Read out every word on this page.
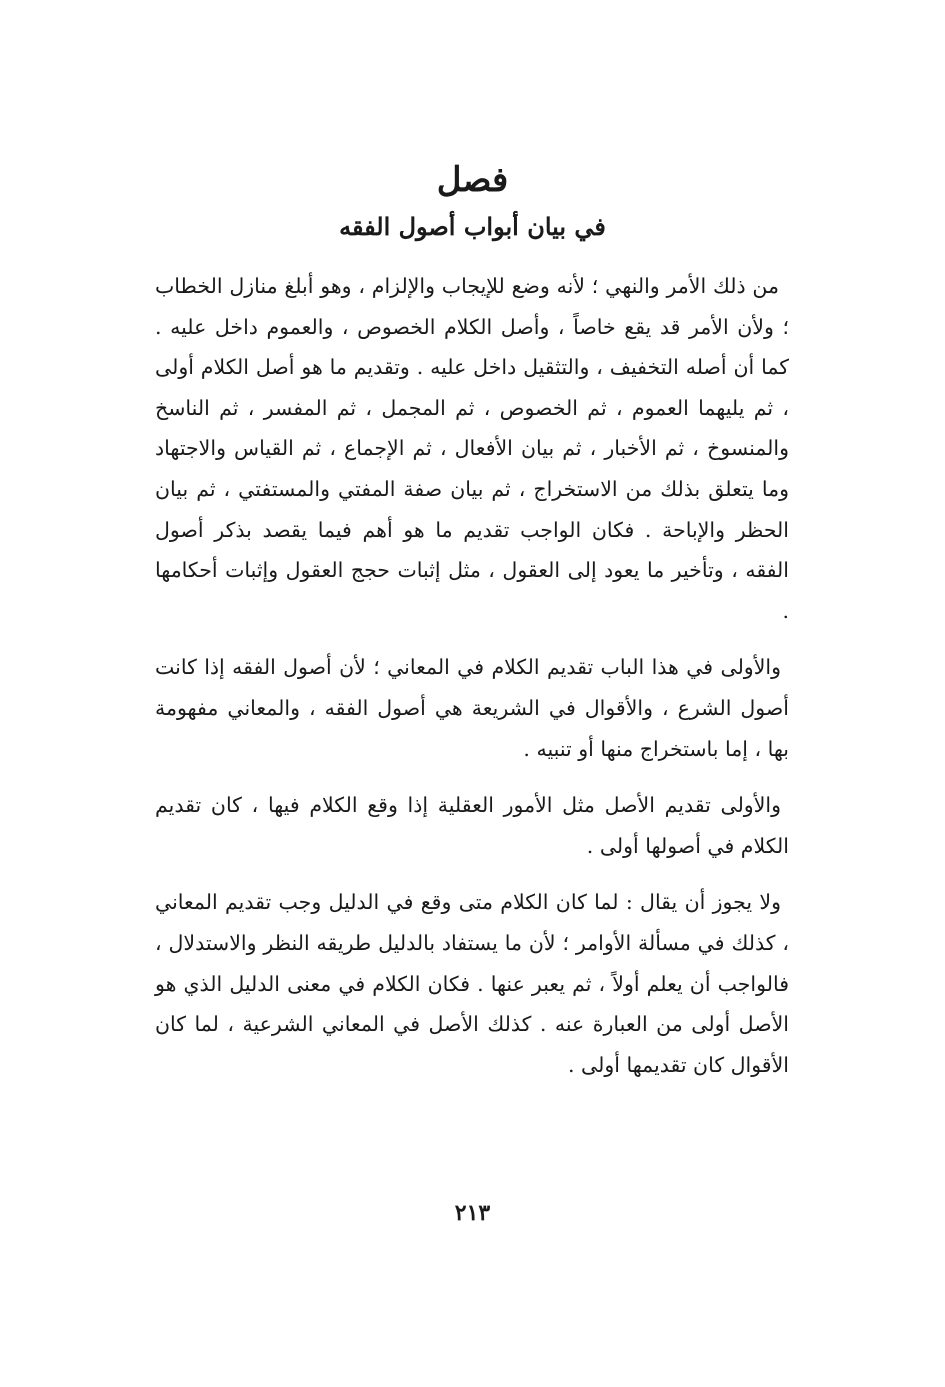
فصل
في بيان أبواب أصول الفقه

من ذلك الأمر والنهي ؛ لأنه وضع للإيجاب والإلزام ، وهو أبلغ منازل الخطاب ؛ ولأن الأمر قد يقع خاصاً ، وأصل الكلام الخصوص ، والعموم داخل عليه . كما أن أصله التخفيف ، والتثقيل داخل عليه . وتقديم ما هو أصل الكلام أولى ، ثم يليهما العموم ، ثم الخصوص ، ثم المجمل ، ثم المفسر ، ثم الناسخ والمنسوخ ، ثم الأخبار ، ثم بيان الأفعال ، ثم الإجماع ، ثم القياس والاجتهاد وما يتعلق بذلك من الاستخراج ، ثم بيان صفة المفتي والمستفتي ، ثم بيان الحظر والإباحة . فكان الواجب تقديم ما هو أهم فيما يقصد بذكر أصول الفقه ، وتأخير ما يعود إلى العقول ، مثل إثبات حجج العقول وإثبات أحكامها .

والأولى في هذا الباب تقديم الكلام في المعاني ؛ لأن أصول الفقه إذا كانت أصول الشرع ، والأقوال في الشريعة هي أصول الفقه ، والمعاني مفهومة بها ، إما باستخراج منها أو تنبيه .

والأولى تقديم الأصل مثل الأمور العقلية إذا وقع الكلام فيها ، كان تقديم الكلام في أصولها أولى .

ولا يجوز أن يقال : لما كان الكلام متى وقع في الدليل وجب تقديم المعاني ، كذلك في مسألة الأوامر ؛ لأن ما يستفاد بالدليل طريقه النظر والاستدلال ، فالواجب أن يعلم أولاً ، ثم يعبر عنها . فكان الكلام في معنى الدليل الذي هو الأصل أولى من العبارة عنه . كذلك الأصل في المعاني الشرعية ، لما كان الأقوال كان تقديمها أولى .

٢١٣
